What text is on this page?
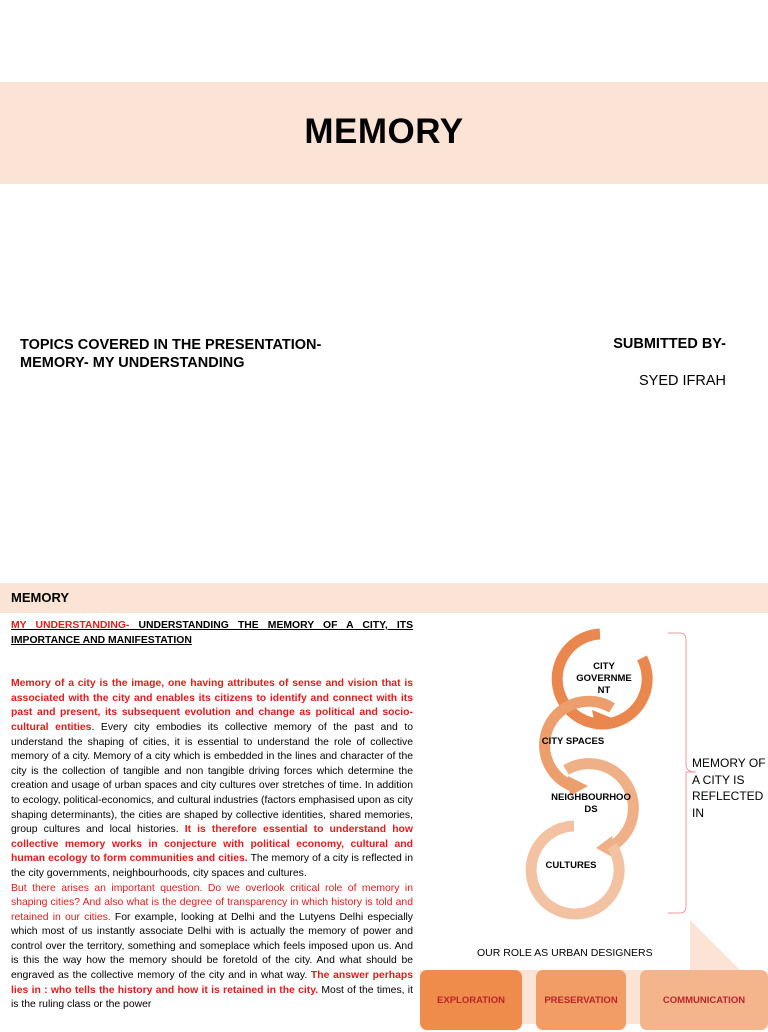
MEMORY
TOPICS COVERED IN THE PRESENTATION-
MEMORY- MY UNDERSTANDING
SUBMITTED BY-
SYED IFRAH
MEMORY

MY UNDERSTANDING- UNDERSTANDING THE MEMORY OF A CITY, ITS IMPORTANCE AND MANIFESTATION

Memory of a city is the image, one having attributes of sense and vision that is associated with the city and enables its citizens to identify and connect with its past and present, its subsequent evolution and change as political and socio-cultural entities. Every city embodies its collective memory of the past and to understand the shaping of cities, it is essential to understand the role of collective memory of a city. Memory of a city which is embedded in the lines and character of the city is the collection of tangible and non tangible driving forces which determine the creation and usage of urban spaces and city cultures over stretches of time. In addition to ecology, political-economics, and cultural industries (factors emphasised upon as city shaping determinants), the cities are shaped by collective identities, shared memories, group cultures and local histories. It is therefore essential to understand how collective memory works in conjecture with political economy, cultural and human ecology to form communities and cities. The memory of a city is reflected in the city governments, neighbourhoods, city spaces and cultures.

But there arises an important question. Do we overlook critical role of memory in shaping cities? And also what is the degree of transparency in which history is told and retained in our cities. For example, looking at Delhi and the Lutyens Delhi especially which most of us instantly associate Delhi with is actually the memory of power and control over the territory, something and someplace which feels imposed upon us. And is this the way how the memory should be foretold of the city. And what should be engraved as the collective memory of the city and in what way. The answer perhaps lies in : who tells the history and how it is retained in the city. Most of the times, it is the ruling class or the power

CITY GOVERNME NT
CITY SPACES
NEIGHBOURHOO DS
CULTURES
MEMORY OF
A CITY IS
REFLECTED
IN
OUR ROLE AS URBAN DESIGNERS
EXPLORATION	PRESERVATION	COMMUNICATION
